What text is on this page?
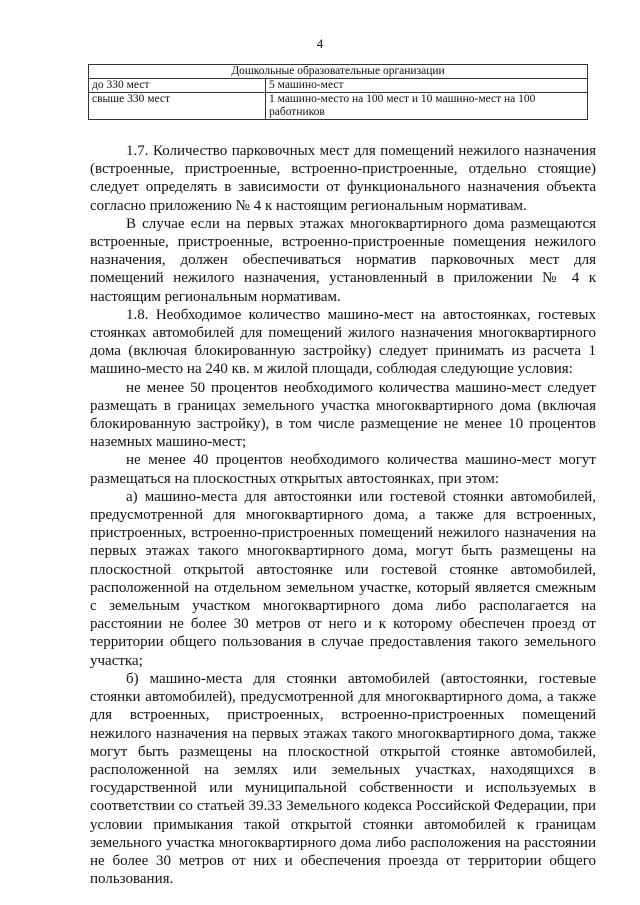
4
Дошкольные образовательные организации	
до 330 мест	5 машино-мест
свыше 330 мест	1 машино-место на 100 мест и 10 машино-мест на 100 работников

1.7. Количество парковочных мест для помещений нежилого назначения (встроенные, пристроенные, встроенно-пристроенные, отдельно стоящие) следует определять в зависимости от функционального назначения объекта согласно приложению № 4 к настоящим региональным нормативам.

В случае если на первых этажах многоквартирного дома размещаются встроенные, пристроенные, встроенно-пристроенные помещения нежилого назначения, должен обеспечиваться норматив парковочных мест для помещений нежилого назначения, установленный в приложении № 4 к настоящим региональным нормативам.

1.8. Необходимое количество машино-мест на автостоянках, гостевых стоянках автомобилей для помещений жилого назначения многоквартирного дома (включая блокированную застройку) следует принимать из расчета 1 машино-место на 240 кв. м жилой площади, соблюдая следующие условия:

не менее 50 процентов необходимого количества машино-мест следует размещать в границах земельного участка многоквартирного дома (включая блокированную застройку), в том числе размещение не менее 10 процентов наземных машино-мест;

не менее 40 процентов необходимого количества машино-мест могут размещаться на плоскостных открытых автостоянках, при этом:

а) машино-места для автостоянки или гостевой стоянки автомобилей, предусмотренной для многоквартирного дома, а также для встроенных, пристроенных, встроенно-пристроенных помещений нежилого назначения на первых этажах такого многоквартирного дома, могут быть размещены на плоскостной открытой автостоянке или гостевой стоянке автомобилей, расположенной на отдельном земельном участке, который является смежным с земельным участком многоквартирного дома либо располагается на расстоянии не более 30 метров от него и к которому обеспечен проезд от территории общего пользования в случае предоставления такого земельного участка;

б) машино-места для стоянки автомобилей (автостоянки, гостевые стоянки автомобилей), предусмотренной для многоквартирного дома, а также для встроенных, пристроенных, встроенно-пристроенных помещений нежилого назначения на первых этажах такого многоквартирного дома, также могут быть размещены на плоскостной открытой стоянке автомобилей, расположенной на землях или земельных участках, находящихся в государственной или муниципальной собственности и используемых в соответствии со статьей 39.33 Земельного кодекса Российской Федерации, при условии примыкания такой открытой стоянки автомобилей к границам земельного участка многоквартирного дома либо расположения на расстоянии не более 30 метров от них и обеспечения проезда от территории общего пользования.
